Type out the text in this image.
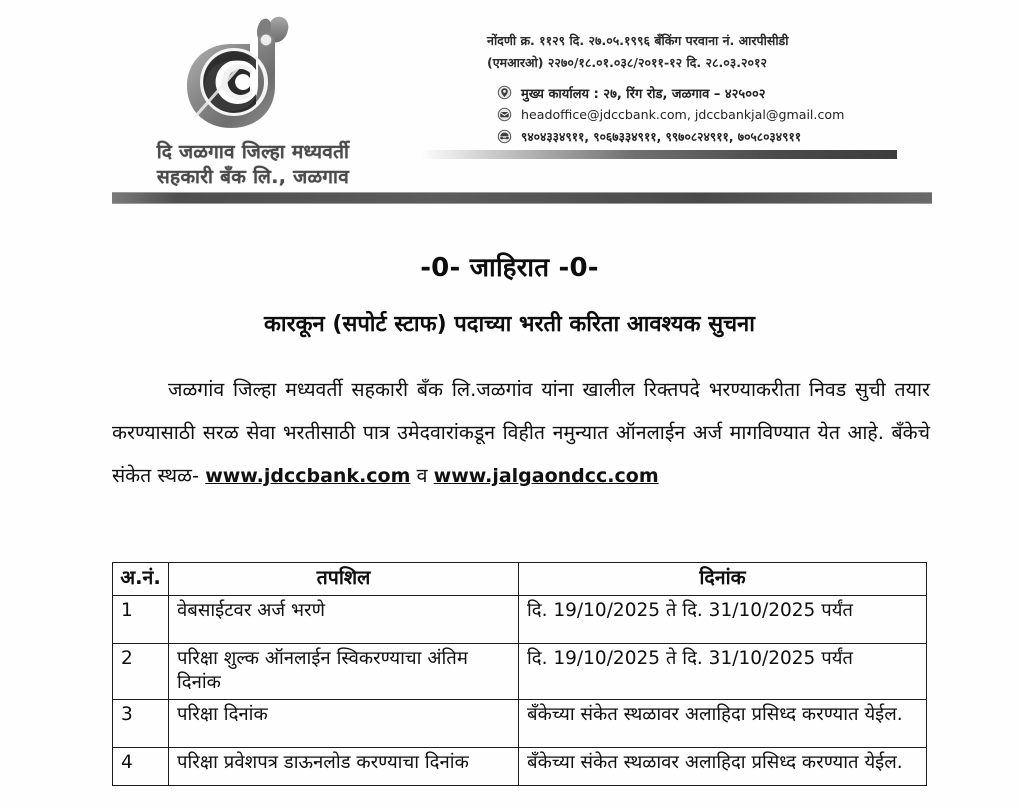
दि जळगाव जिल्हा मध्यवर्ती
सहकारी बँक लि., जळगाव
नोंदणी क्र. ११२९ दि. २७.०५.१९९६ बँकिंग परवाना नं. आरपीसीडी
(एमआरओ) २२७०/१८.०१.०३८/२०११-१२ दि. २८.०३.२०१२
मुख्य कार्यालय : २७, रिंग रोड, जळगाव – ४२५००२
headoffice@jdccbank.com, jdccbankjal@gmail.com
९४०४३३४९११, ९०६७३३४९११, ९९७०८२४९११, ७०५८०३४९११
-0- जाहिरात -0-
कारकून (सपोर्ट स्टाफ) पदाच्या भरती करिता आवश्यक सुचना
जळगांव जिल्हा मध्यवर्ती सहकारी बँक लि.जळगांव यांना खालील रिक्तपदे भरण्याकरीता निवड सुची तयार करण्यासाठी सरळ सेवा भरतीसाठी पात्र उमेदवारांकडून विहीत नमुन्यात ऑनलाईन अर्ज मागविण्यात येत आहे. बँकेचे संकेत स्थळ- www.jdccbank.com व www.jalgaondcc.com
अ.नं.	तपशिल	दिनांक
1	वेबसाईटवर अर्ज भरणे	दि. 19/10/2025 ते दि. 31/10/2025 पर्यंत
2	परिक्षा शुल्क ऑनलाईन स्विकरण्याचा अंतिम दिनांक	दि. 19/10/2025 ते दि. 31/10/2025 पर्यंत
3	परिक्षा दिनांक	बँकेच्या संकेत स्थळावर अलाहिदा प्रसिध्द करण्यात येईल.
4	परिक्षा प्रवेशपत्र डाऊनलोड करण्याचा दिनांक	बँकेच्या संकेत स्थळावर अलाहिदा प्रसिध्द करण्यात येईल.
